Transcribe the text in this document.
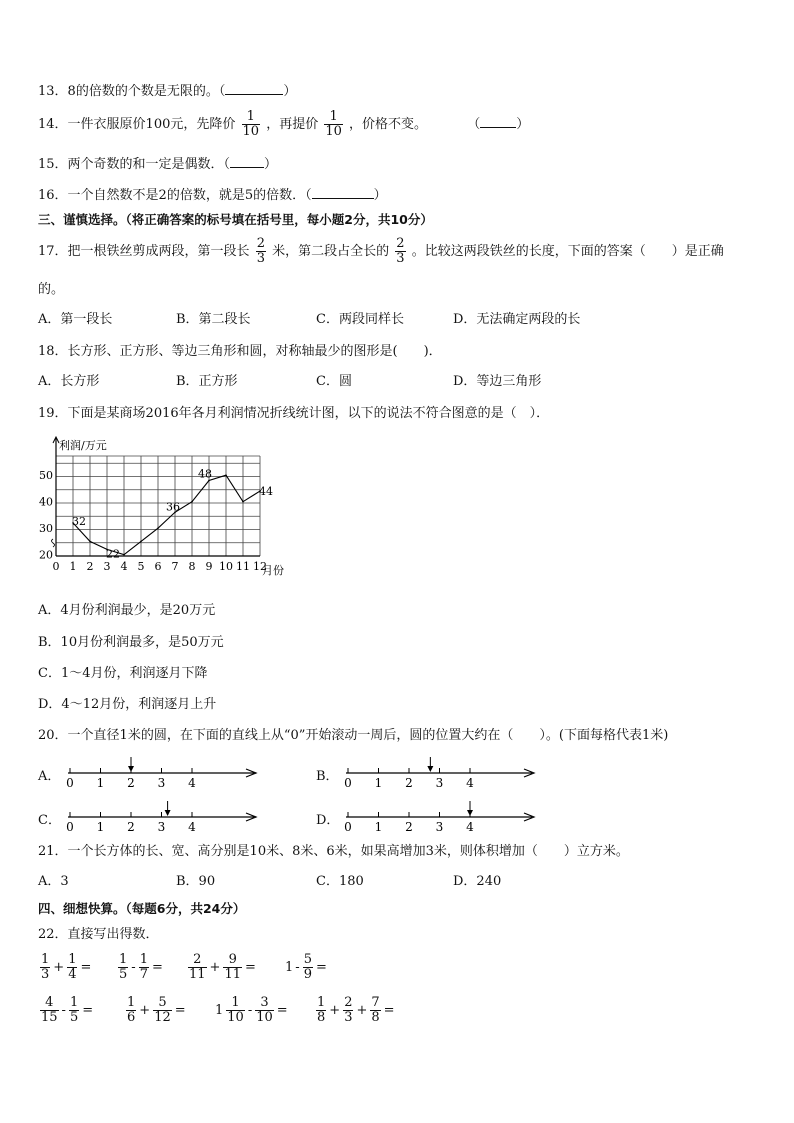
13．8的倍数的个数是无限的。（	）
14．一件衣服原价100元，先降价 $\frac{1}{10}$ ，再提价 $\frac{1}{10}$ ，价格不变。	（	）
15．两个奇数的和一定是偶数．（	）
16．一个自然数不是2的倍数，就是5的倍数．（	）
三、谨慎选择。（将正确答案的标号填在括号里，每小题2分，共10分）
17．把一根铁丝剪成两段，第一段长 $\frac{2}{3}$ 米，第二段占全长的 $\frac{2}{3}$ 。比较这两段铁丝的长度，下面的答案（　　）是正确
的。
A．第一段长	B．第二段长	C．两段同样长	D．无法确定两段的长
18．长方形、正方形、等边三角形和圆，对称轴最少的图形是(　　)．
A．长方形	B．正方形	C．圆	D．等边三角形
19．下面是某商场2016年各月利润情况折线统计图，以下的说法不符合图意的是（　）．
利润/万元
月份
0 1 2 3 4 5 6 7 8 9 10 11 12
20
30
40
50
32
22
36
48
44
A．4月份利润最少，是20万元
B．10月份利润最多，是50万元
C．1～4月份，利润逐月下降
D．4～12月份，利润逐月上升
20．一个直径1米的圆，在下面的直线上从“0”开始滚动一周后，圆的位置大约在（　　）。(下面每格代表1米)
A． 0 1 2 3 4	B． 0 1 2 3 4
C． 0 1 2 3 4	D． 0 1 2 3 4
21．一个长方体的长、宽、高分别是10米、8米、6米，如果高增加3米，则体积增加（　　）立方米。
A．3	B．90	C．180	D．240
四、细想快算。（每题6分，共24分）
22．直接写出得数．
$\frac{1}{3} + \frac{1}{4} = \frac{1}{5} - \frac{1}{7} = \frac{2}{11} + \frac{9}{11} = 1 - \frac{5}{9}$ =
$\frac{4}{15} - \frac{1}{5}$ =	$\frac{1}{6} + \frac{5}{12} = 1 \frac{1}{10} - \frac{3}{10} = \frac{1}{8} + \frac{2}{3} + \frac{7}{8}$ =
